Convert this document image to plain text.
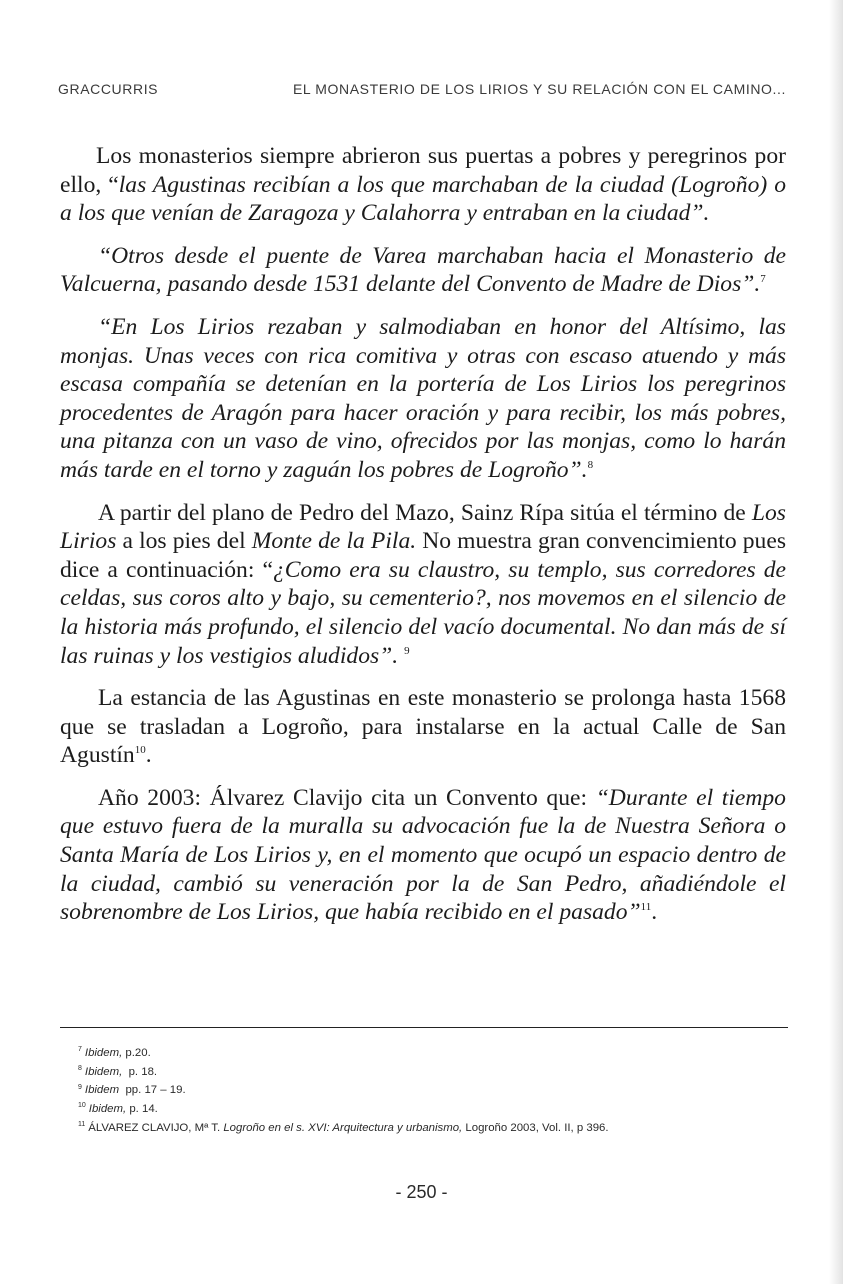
GRACCURRIS	EL MONASTERIO DE LOS LIRIOS Y SU RELACIÓN CON EL CAMINO...

Los monasterios siempre abrieron sus puertas a pobres y peregrinos por ello, “las Agustinas recibían a los que marchaban de la ciudad (Logroño) o a los que venían de Zaragoza y Calahorra y entraban en la ciudad”.

“Otros desde el puente de Varea marchaban hacia el Monasterio de Valcuerna, pasando desde 1531 delante del Convento de Madre de Dios”.$^7$

“En Los Lirios rezaban y salmodiaban en honor del Altísimo, las monjas. Unas veces con rica comitiva y otras con escaso atuendo y más escasa compañía se detenían en la portería de Los Lirios los peregrinos procedentes de Aragón para hacer oración y para recibir, los más pobres, una pitanza con un vaso de vino, ofrecidos por las monjas, como lo harán más tarde en el torno y zaguán los pobres de Logroño”.$^8$

A partir del plano de Pedro del Mazo, Sainz Rípa sitúa el término de Los Lirios a los pies del Monte de la Pila. No muestra gran convencimiento pues dice a continuación: “¿Como era su claustro, su templo, sus corredores de celdas, sus coros alto y bajo, su cementerio?, nos movemos en el silencio de la historia más profundo, el silencio del vacío documental. No dan más de sí las ruinas y los vestigios aludidos”. $^9$

La estancia de las Agustinas en este monasterio se prolonga hasta 1568 que se trasladan a Logroño, para instalarse en la actual Calle de San Agustín$^{10}$.

Año 2003: Álvarez Clavijo cita un Convento que: “Durante el tiempo que estuvo fuera de la muralla su advocación fue la de Nuestra Señora o Santa María de Los Lirios y, en el momento que ocupó un espacio dentro de la ciudad, cambió su veneración por la de San Pedro, añadiéndole el sobrenombre de Los Lirios, que había recibido en el pasado”$^{11}$.

$^7$ Ibidem, p.20.
$^8$ Ibidem,  p. 18.
$^9$ Ibidem  pp. 17 – 19.
$^{10}$ Ibidem, p. 14.
$^{11}$ ÁLVAREZ CLAVIJO, Mª T. Logroño en el s. XVI: Arquitectura y urbanismo, Logroño 2003, Vol. II, p 396.
- 250 -
